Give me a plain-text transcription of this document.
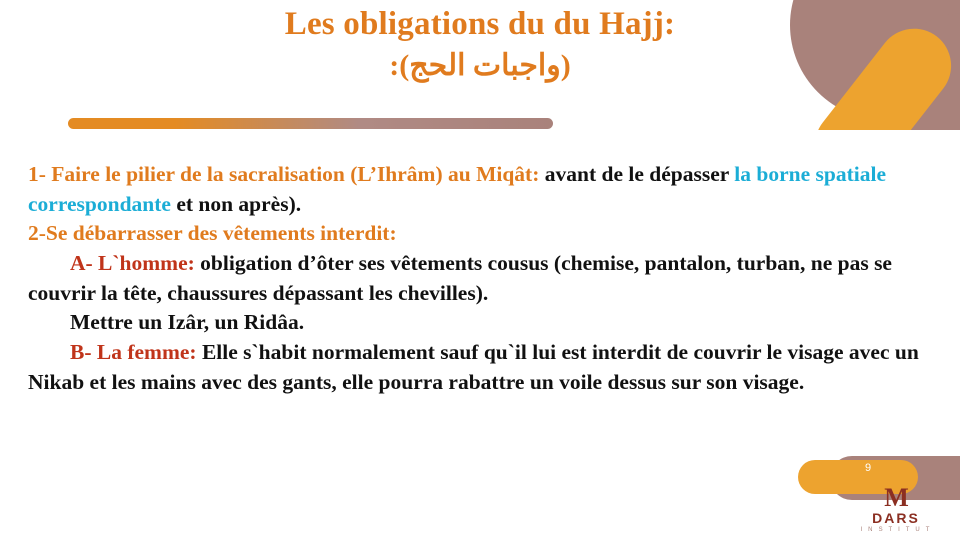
Les obligations du du Hajj:
(واجبات الحج):

1- Faire le pilier de la sacralisation (L’Ihrâm) au Miqât: avant de le dépasser la borne spatiale correspondante et non après).

2-Se débarrasser des vêtements interdit:

A- L`homme: obligation d’ôter ses vêtements cousus (chemise, pantalon, turban, ne pas se couvrir la tête, chaussures dépassant les chevilles).

Mettre un Izâr, un Ridâa.

B- La femme: Elle s`habit normalement sauf qu`il lui est interdit de couvrir le visage avec un Nikab et les mains avec des gants, elle pourra rabattre un voile dessus sur son visage.

9
M
DARS
I N S T I T U T
